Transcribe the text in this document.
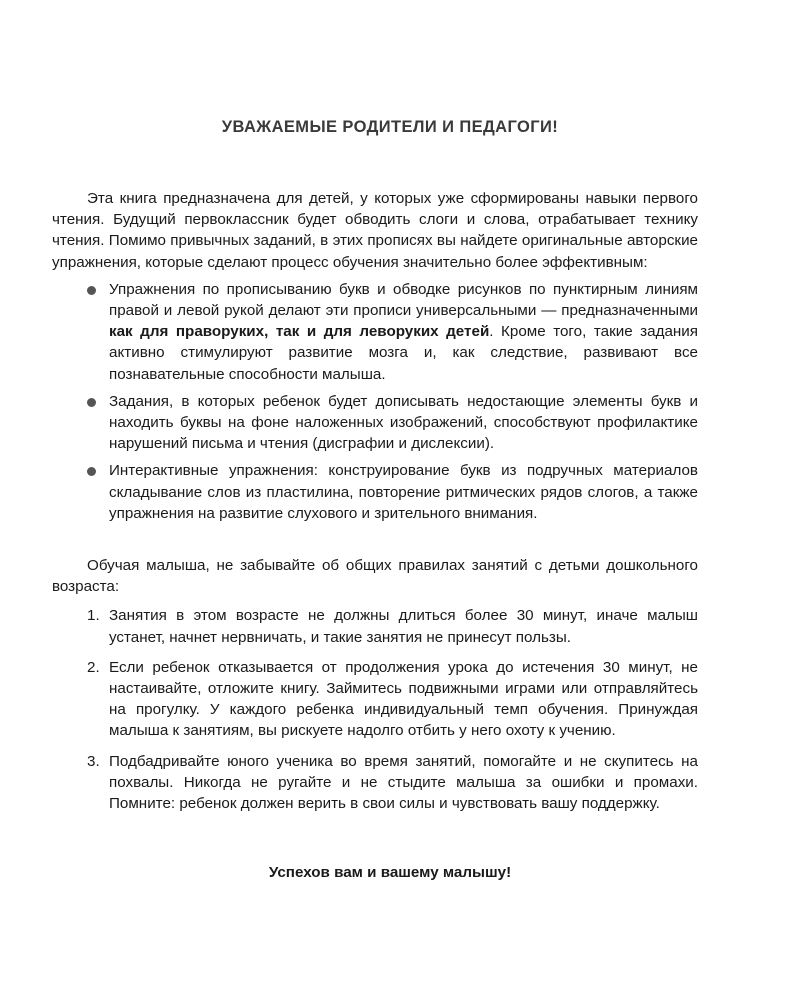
УВАЖАЕМЫЕ РОДИТЕЛИ И ПЕДАГОГИ!

Эта книга предназначена для детей, у которых уже сформированы навыки первого чтения. Будущий первоклассник будет обводить слоги и слова, отрабатывает технику чтения. Помимо привычных заданий, в этих прописях вы найдете оригинальные авторские упражнения, которые сделают процесс обучения значительно более эффективным:

Упражнения по прописыванию букв и обводке рисунков по пунктирным линиям правой и левой рукой делают эти прописи универсальными — предназначенными как для праворуких, так и для леворуких детей. Кроме того, такие задания активно стимулируют развитие мозга и, как следствие, развивают все познавательные способности малыша.
Задания, в которых ребенок будет дописывать недостающие элементы букв и находить буквы на фоне наложенных изображений, способствуют профилактике нарушений письма и чтения (дисграфии и дислексии).
Интерактивные упражнения: конструирование букв из подручных материалов складывание слов из пластилина, повторение ритмических рядов слогов, а также упражнения на развитие слухового и зрительного внимания.

Обучая малыша, не забывайте об общих правилах занятий с детьми дошкольного возраста:

1. Занятия в этом возрасте не должны длиться более 30 минут, иначе малыш устанет, начнет нервничать, и такие занятия не принесут пользы.
2. Если ребенок отказывается от продолжения урока до истечения 30 минут, не настаивайте, отложите книгу. Займитесь подвижными играми или отправляйтесь на прогулку. У каждого ребенка индивидуальный темп обучения. Принуждая малыша к занятиям, вы рискуете надолго отбить у него охоту к учению.
3. Подбадривайте юного ученика во время занятий, помогайте и не скупитесь на похвалы. Никогда не ругайте и не стыдите малыша за ошибки и промахи. Помните: ребенок должен верить в свои силы и чувствовать вашу поддержку.
Успехов вам и вашему малышу!
